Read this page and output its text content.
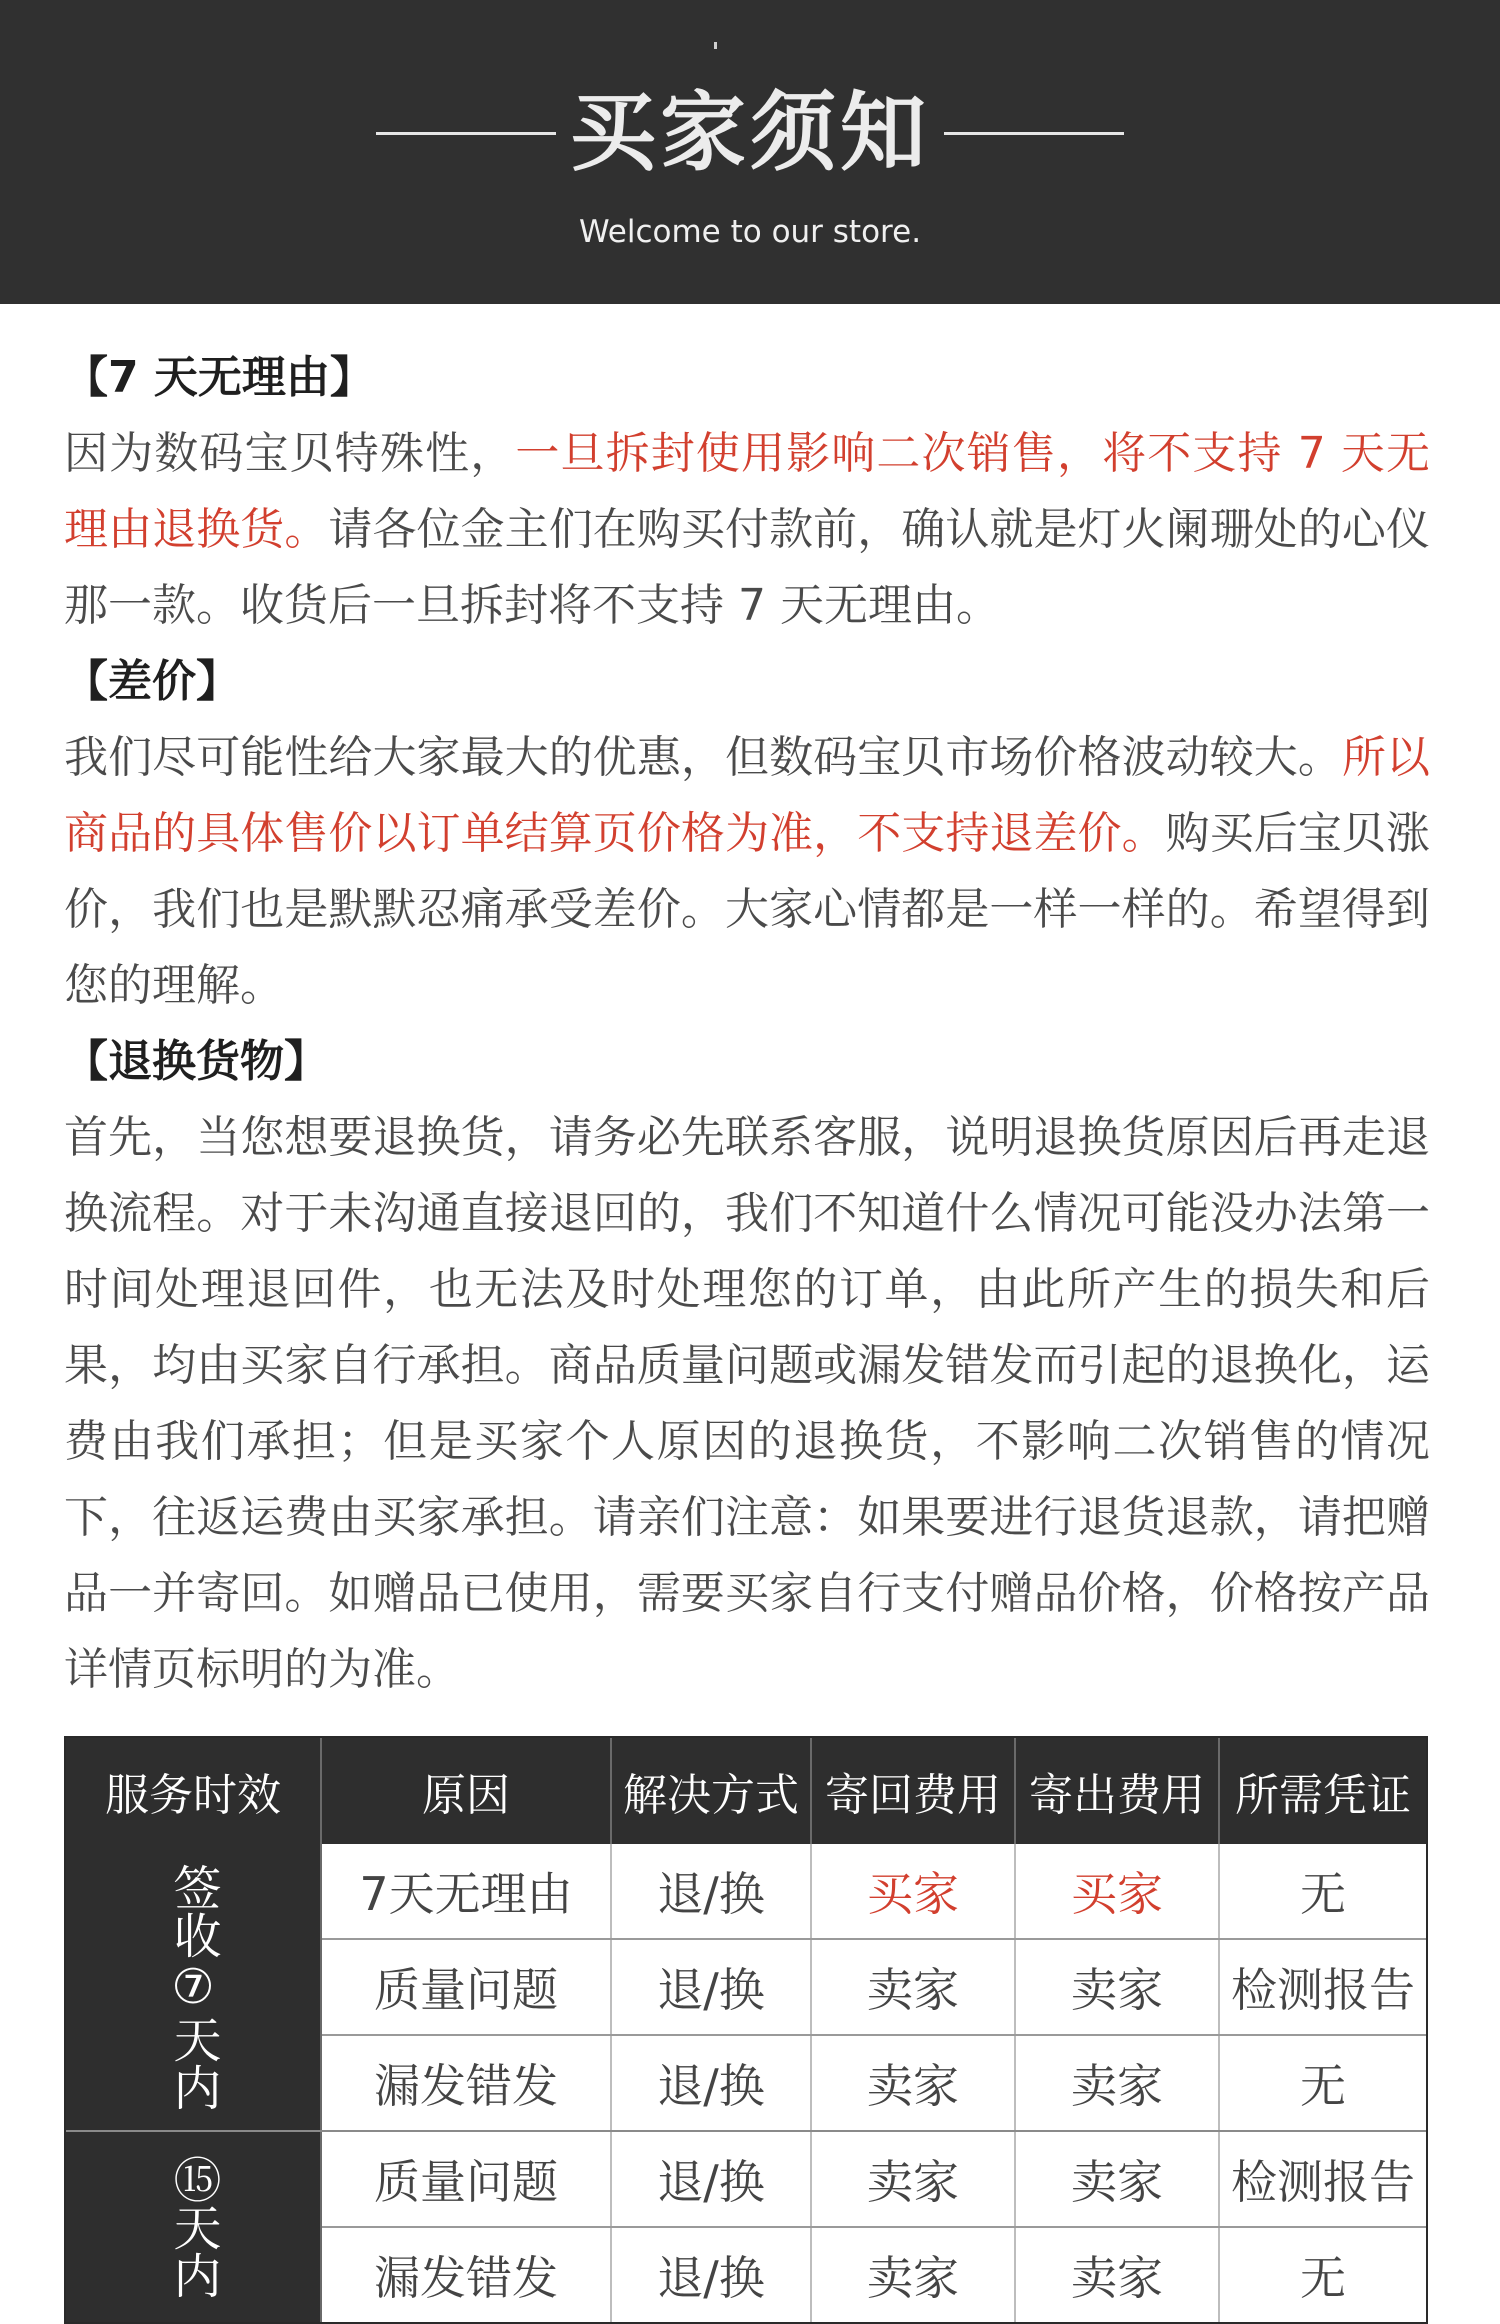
买家须知
Welcome to our store.
【7 天无理由】
因为数码宝贝特殊性，一旦拆封使用影响二次销售，将不支持 7 天无理由退换货。请各位金主们在购买付款前，确认就是灯火阑珊处的心仪那一款。收货后一旦拆封将不支持 7 天无理由。
【差价】
我们尽可能性给大家最大的优惠，但数码宝贝市场价格波动较大。所以商品的具体售价以订单结算页价格为准，不支持退差价。购买后宝贝涨价，我们也是默默忍痛承受差价。大家心情都是一样一样的。希望得到您的理解。
【退换货物】
首先，当您想要退换货，请务必先联系客服，说明退换货原因后再走退换流程。对于未沟通直接退回的，我们不知道什么情况可能没办法第一时间处理退回件，也无法及时处理您的订单，由此所产生的损失和后果，均由买家自行承担。商品质量问题或漏发错发而引起的退换化，运费由我们承担；但是买家个人原因的退换货，不影响二次销售的情况下，往返运费由买家承担。请亲们注意：如果要进行退货退款，请把赠品一并寄回。如赠品已使用，需要买家自行支付赠品价格，价格按产品详情页标明的为准。
服务时效	原因	解决方式 寄回费用 寄出费用 所需凭证
签收⑦天内	7天无理由	退/换	买家	买家	无
质量问题	退/换	卖家	卖家	检测报告
漏发错发	退/换	卖家	卖家	无
⑮天内	质量问题	退/换	卖家	卖家	检测报告
漏发错发	退/换	卖家	卖家	无
